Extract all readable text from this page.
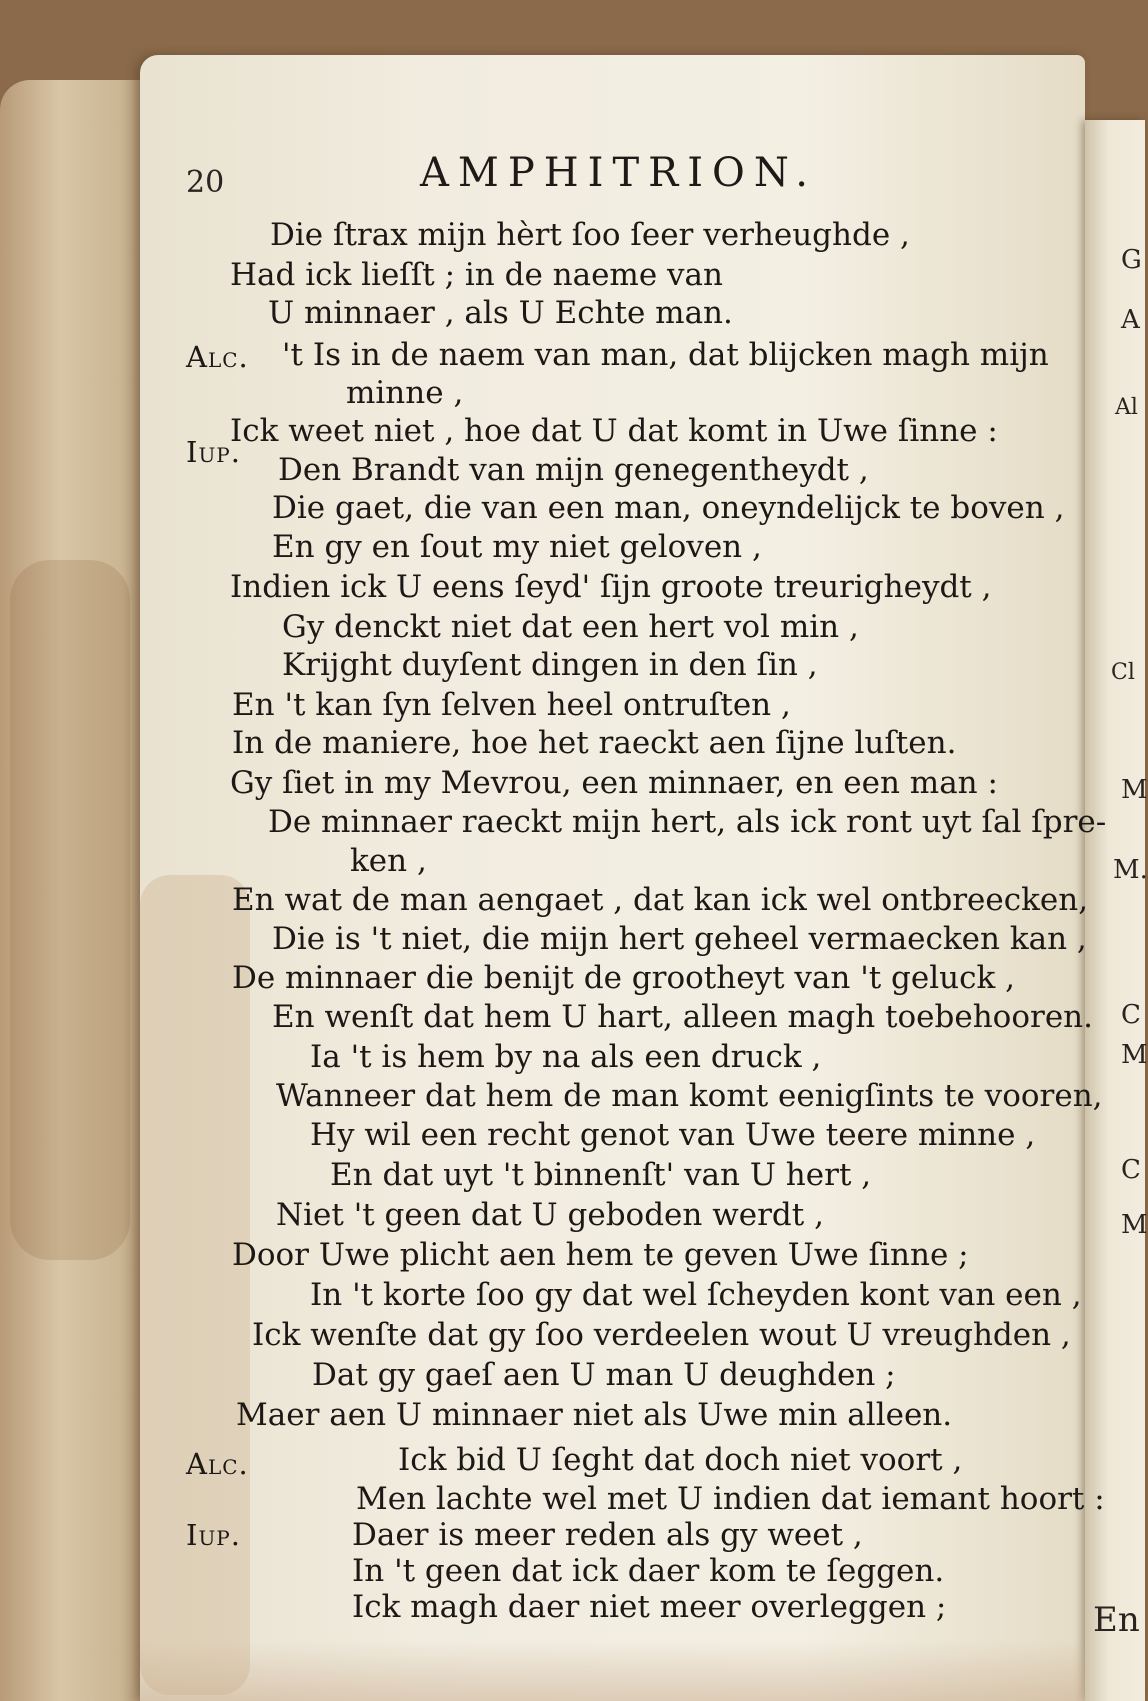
G
A
Al
Cl
M
M.
C
M
C
M
En
20	AMPHITRION.
Alc.
Iup.
Alc.
Iup.
Die ſtrax mijn hèrt ſoo ſeer verheughde ,
Had ick lieſſt ; in de naeme van
U minnaer , als U Echte man.
't Is in de naem van man, dat blijcken magh mijn
minne ,
Ick weet niet , hoe dat U dat komt in Uwe ſinne :
Den Brandt van mijn genegentheydt ,
Die gaet, die van een man, oneyndelijck te boven ,
En gy en ſout my niet geloven ,
Indien ick U eens ſeyd' ſijn groote treurigheydt ,
Gy denckt niet dat een hert vol min ,
Krijght duyſent dingen in den ſin ,
En 't kan ſyn ſelven heel ontruſten ,
In de maniere, hoe het raeckt aen ſijne luſten.
Gy ſiet in my Mevrou, een minnaer, en een man :
De minnaer raeckt mijn hert, als ick ront uyt ſal ſpre-
ken ,
En wat de man aengaet , dat kan ick wel ontbreecken,
Die is 't niet, die mijn hert geheel vermaecken kan ,
De minnaer die benijt de grootheyt van 't geluck ,
En wenſt dat hem U hart, alleen magh toebehooren.
Ia 't is hem by na als een druck ,
Wanneer dat hem de man komt eenigſints te vooren,
Hy wil een recht genot van Uwe teere minne ,
En dat uyt 't binnenſt' van U hert ,
Niet 't geen dat U geboden werdt ,
Door Uwe plicht aen hem te geven Uwe ſinne ;
In 't korte ſoo gy dat wel ſcheyden kont van een ,
Ick wenſte dat gy ſoo verdeelen wout U vreughden ,
Dat gy gaeſ aen U man U deughden ;
Maer aen U minnaer niet als Uwe min alleen.
Ick bid U ſeght dat doch niet voort ,
Men lachte wel met U indien dat iemant hoort :
Daer is meer reden als gy weet ,
In 't geen dat ick daer kom te ſeggen.
Ick magh daer niet meer overleggen ;
